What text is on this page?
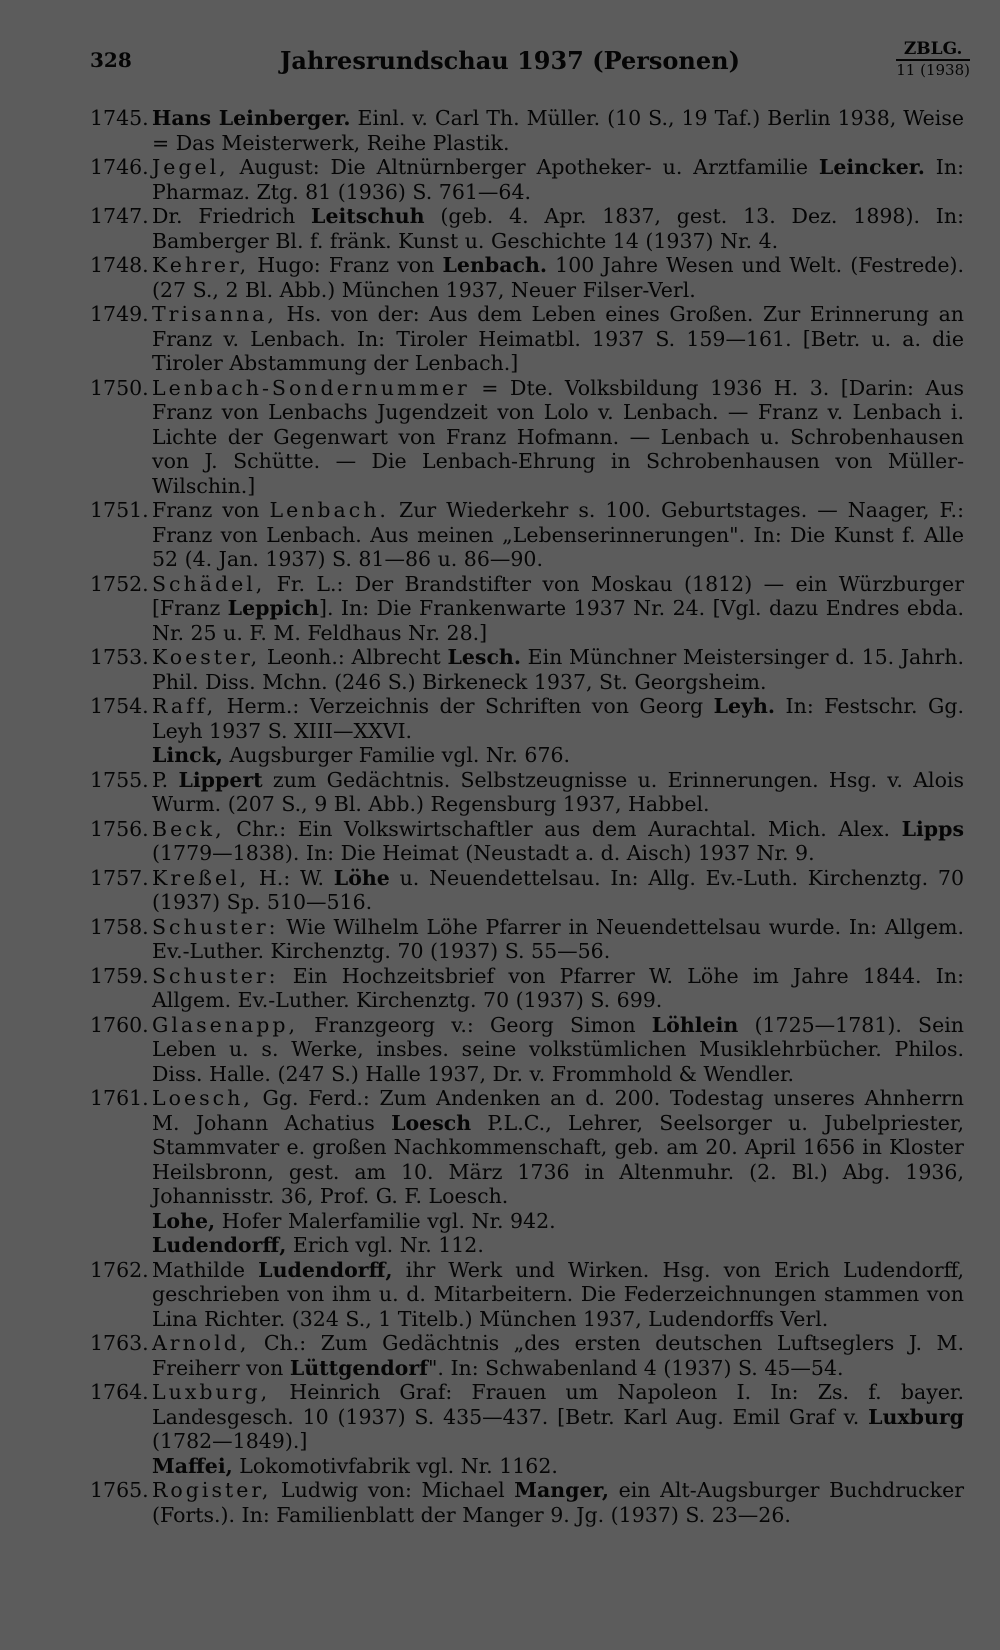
328	Jahresrundschau 1937 (Personen)	ZBLG.
11 (1938)
1745. Hans Leinberger. Einl. v. Carl Th. Müller. (10 S., 19 Taf.) Berlin 1938, Weise = Das Meisterwerk, Reihe Plastik.
1746. Jegel, August: Die Altnürnberger Apotheker- u. Arztfamilie Leincker. In: Pharmaz. Ztg. 81 (1936) S. 761—64.
1747. Dr. Friedrich Leitschuh (geb. 4. Apr. 1837, gest. 13. Dez. 1898). In: Bamberger Bl. f. fränk. Kunst u. Geschichte 14 (1937) Nr. 4.
1748. Kehrer, Hugo: Franz von Lenbach. 100 Jahre Wesen und Welt. (Festrede). (27 S., 2 Bl. Abb.) München 1937, Neuer Filser-Verl.
1749. Trisanna, Hs. von der: Aus dem Leben eines Großen. Zur Erinnerung an Franz v. Lenbach. In: Tiroler Heimatbl. 1937 S. 159—161. [Betr. u. a. die Tiroler Abstammung der Lenbach.]
1750. Lenbach-Sondernummer = Dte. Volksbildung 1936 H. 3. [Darin: Aus Franz von Lenbachs Jugendzeit von Lolo v. Lenbach. — Franz v. Lenbach i. Lichte der Gegenwart von Franz Hofmann. — Lenbach u. Schrobenhausen von J. Schütte. — Die Lenbach-Ehrung in Schrobenhausen von Müller-Wilschin.]
1751. Franz von Lenbach. Zur Wiederkehr s. 100. Geburtstages. — Naager, F.: Franz von Lenbach. Aus meinen „Lebenserinnerungen". In: Die Kunst f. Alle 52 (4. Jan. 1937) S. 81—86 u. 86—90.
1752. Schädel, Fr. L.: Der Brandstifter von Moskau (1812) — ein Würzburger [Franz Leppich]. In: Die Frankenwarte 1937 Nr. 24. [Vgl. dazu Endres ebda. Nr. 25 u. F. M. Feldhaus Nr. 28.]
1753. Koester, Leonh.: Albrecht Lesch. Ein Münchner Meistersinger d. 15. Jahrh. Phil. Diss. Mchn. (246 S.) Birkeneck 1937, St. Georgsheim.
1754. Raff, Herm.: Verzeichnis der Schriften von Georg Leyh. In: Festschr. Gg. Leyh 1937 S. XIII—XXVI.
Linck, Augsburger Familie vgl. Nr. 676.
1755. P. Lippert zum Gedächtnis. Selbstzeugnisse u. Erinnerungen. Hsg. v. Alois Wurm. (207 S., 9 Bl. Abb.) Regensburg 1937, Habbel.
1756. Beck, Chr.: Ein Volkswirtschaftler aus dem Aurachtal. Mich. Alex. Lipps (1779—1838). In: Die Heimat (Neustadt a. d. Aisch) 1937 Nr. 9.
1757. Kreßel, H.: W. Löhe u. Neuendettelsau. In: Allg. Ev.-Luth. Kirchenztg. 70 (1937) Sp. 510—516.
1758. Schuster: Wie Wilhelm Löhe Pfarrer in Neuendettelsau wurde. In: Allgem. Ev.-Luther. Kirchenztg. 70 (1937) S. 55—56.
1759. Schuster: Ein Hochzeitsbrief von Pfarrer W. Löhe im Jahre 1844. In: Allgem. Ev.-Luther. Kirchenztg. 70 (1937) S. 699.
1760. Glasenapp, Franzgeorg v.: Georg Simon Löhlein (1725—1781). Sein Leben u. s. Werke, insbes. seine volkstümlichen Musiklehrbücher. Philos. Diss. Halle. (247 S.) Halle 1937, Dr. v. Frommhold & Wendler.
1761. Loesch, Gg. Ferd.: Zum Andenken an d. 200. Todestag unseres Ahnherrn M. Johann Achatius Loesch P.L.C., Lehrer, Seelsorger u. Jubelpriester, Stammvater e. großen Nachkommenschaft, geb. am 20. April 1656 in Kloster Heilsbronn, gest. am 10. März 1736 in Altenmuhr. (2. Bl.) Abg. 1936, Johannisstr. 36, Prof. G. F. Loesch.
Lohe, Hofer Malerfamilie vgl. Nr. 942.
Ludendorff, Erich vgl. Nr. 112.
1762. Mathilde Ludendorff, ihr Werk und Wirken. Hsg. von Erich Ludendorff, geschrieben von ihm u. d. Mitarbeitern. Die Federzeichnungen stammen von Lina Richter. (324 S., 1 Titelb.) München 1937, Ludendorffs Verl.
1763. Arnold, Ch.: Zum Gedächtnis „des ersten deutschen Luftseglers J. M. Freiherr von Lüttgendorf". In: Schwabenland 4 (1937) S. 45—54.
1764. Luxburg, Heinrich Graf: Frauen um Napoleon I. In: Zs. f. bayer. Landesgesch. 10 (1937) S. 435—437. [Betr. Karl Aug. Emil Graf v. Luxburg (1782—1849).]
Maffei, Lokomotivfabrik vgl. Nr. 1162.
1765. Rogister, Ludwig von: Michael Manger, ein Alt-Augsburger Buchdrucker (Forts.). In: Familienblatt der Manger 9. Jg. (1937) S. 23—26.
